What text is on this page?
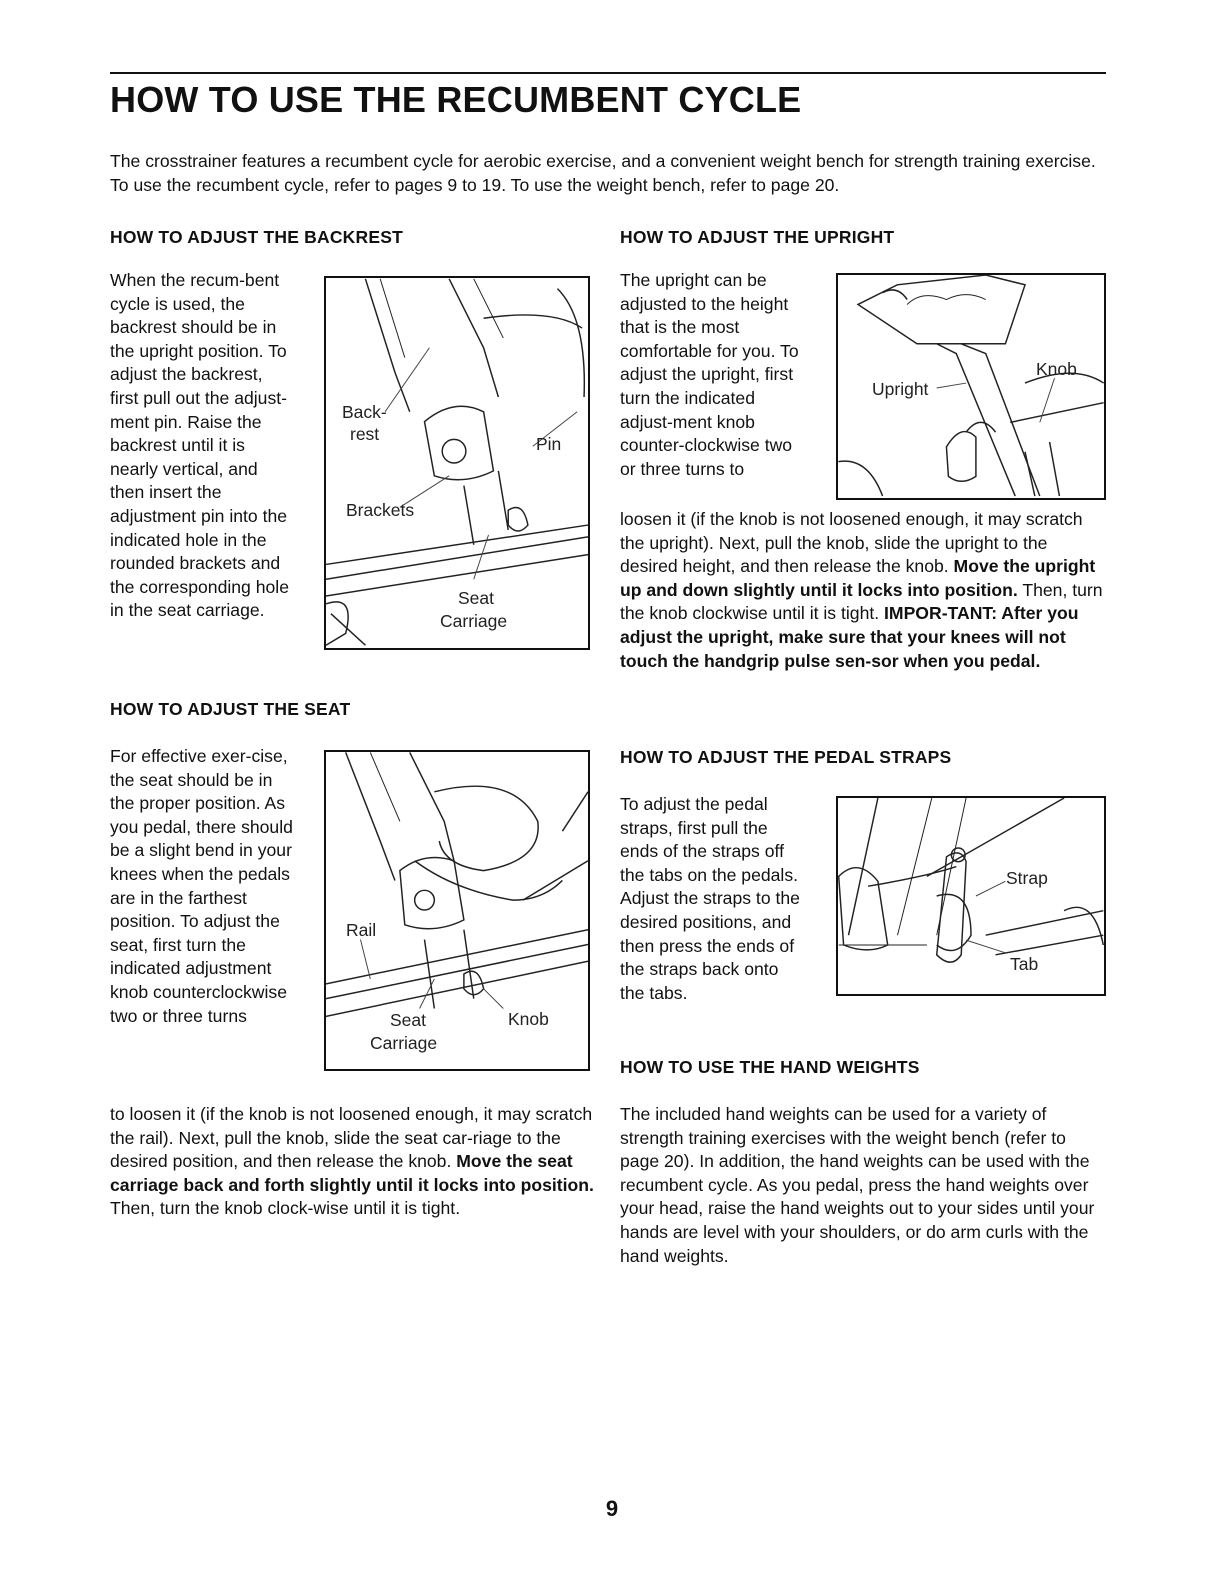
HOW TO USE THE RECUMBENT CYCLE

The crosstrainer features a recumbent cycle for aerobic exercise, and a convenient weight bench for strength training exercise. To use the recumbent cycle, refer to pages 9 to 19. To use the weight bench, refer to page 20.

HOW TO ADJUST THE BACKREST

When the recum-bent cycle is used, the backrest should be in the upright position. To adjust the backrest, first pull out the adjust-ment pin. Raise the backrest until it is nearly vertical, and then insert the adjustment pin into the indicated hole in the rounded brackets and the corresponding hole in the seat carriage.

Back-
rest	Pin
Brackets
Seat
Carriage
HOW TO ADJUST THE SEAT

For effective exer-cise, the seat should be in the proper position. As you pedal, there should be a slight bend in your knees when the pedals are in the farthest position. To adjust the seat, first turn the indicated adjustment knob counterclockwise two or three turns

Rail
Seat
Carriage
Knob

to loosen it (if the knob is not loosened enough, it may scratch the rail). Next, pull the knob, slide the seat car-riage to the desired position, and then release the knob. Move the seat carriage back and forth slightly until it locks into position. Then, turn the knob clock-wise until it is tight.

HOW TO ADJUST THE UPRIGHT

The upright can be adjusted to the height that is the most comfortable for you. To adjust the upright, first turn the indicated adjust-ment knob counter-clockwise two or three turns to

Upright
Knob

loosen it (if the knob is not loosened enough, it may scratch the upright). Next, pull the knob, slide the upright to the desired height, and then release the knob. Move the upright up and down slightly until it locks into position. Then, turn the knob clockwise until it is tight. IMPOR-TANT: After you adjust the upright, make sure that your knees will not touch the handgrip pulse sen-sor when you pedal.

HOW TO ADJUST THE PEDAL STRAPS

To adjust the pedal straps, first pull the ends of the straps off the tabs on the pedals. Adjust the straps to the desired positions, and then press the ends of the straps back onto the tabs.

Strap
Tab
HOW TO USE THE HAND WEIGHTS

The included hand weights can be used for a variety of strength training exercises with the weight bench (refer to page 20). In addition, the hand weights can be used with the recumbent cycle. As you pedal, press the hand weights over your head, raise the hand weights out to your sides until your hands are level with your shoulders, or do arm curls with the hand weights.

9
